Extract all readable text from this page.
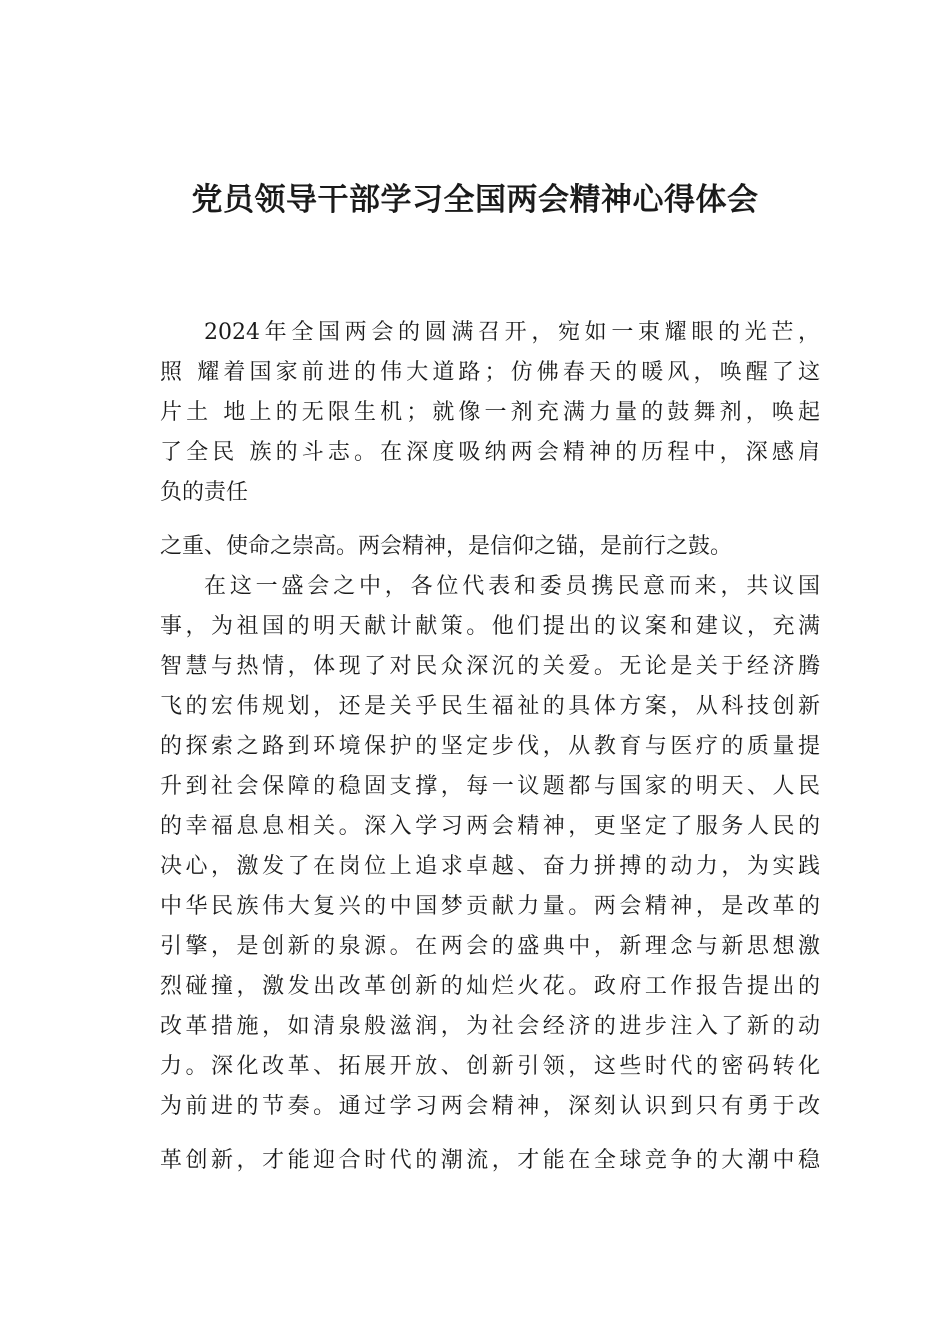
党员领导干部学习全国两会精神心得体会
2024年全国两会的圆满召开，宛如一束耀眼的光芒，
照 耀着国家前进的伟大道路；仿佛春天的暖风，唤醒了这
片土 地上的无限生机；就像一剂充满力量的鼓舞剂，唤起
了全民 族的斗志。在深度吸纳两会精神的历程中，深感肩
负的责任
之重、使命之崇高。两会精神，是信仰之锚，是前行之鼓。
在这一盛会之中，各位代表和委员携民意而来，共议国
事，为祖国的明天献计献策。他们提出的议案和建议，充满
智慧与热情，体现了对民众深沉的关爱。无论是关于经济腾
飞的宏伟规划，还是关乎民生福祉的具体方案，从科技创新
的探索之路到环境保护的坚定步伐，从教育与医疗的质量提
升到社会保障的稳固支撑，每一议题都与国家的明天、人民
的幸福息息相关。深入学习两会精神，更坚定了服务人民的
决心，激发了在岗位上追求卓越、奋力拼搏的动力，为实践
中华民族伟大复兴的中国梦贡献力量。两会精神，是改革的
引擎，是创新的泉源。在两会的盛典中，新理念与新思想激
烈碰撞，激发出改革创新的灿烂火花。政府工作报告提出的
改革措施，如清泉般滋润，为社会经济的进步注入了新的动
力。深化改革、拓展开放、创新引领，这些时代的密码转化
为前进的节奏。通过学习两会精神，深刻认识到只有勇于改
革创新，才能迎合时代的潮流，才能在全球竞争的大潮中稳
